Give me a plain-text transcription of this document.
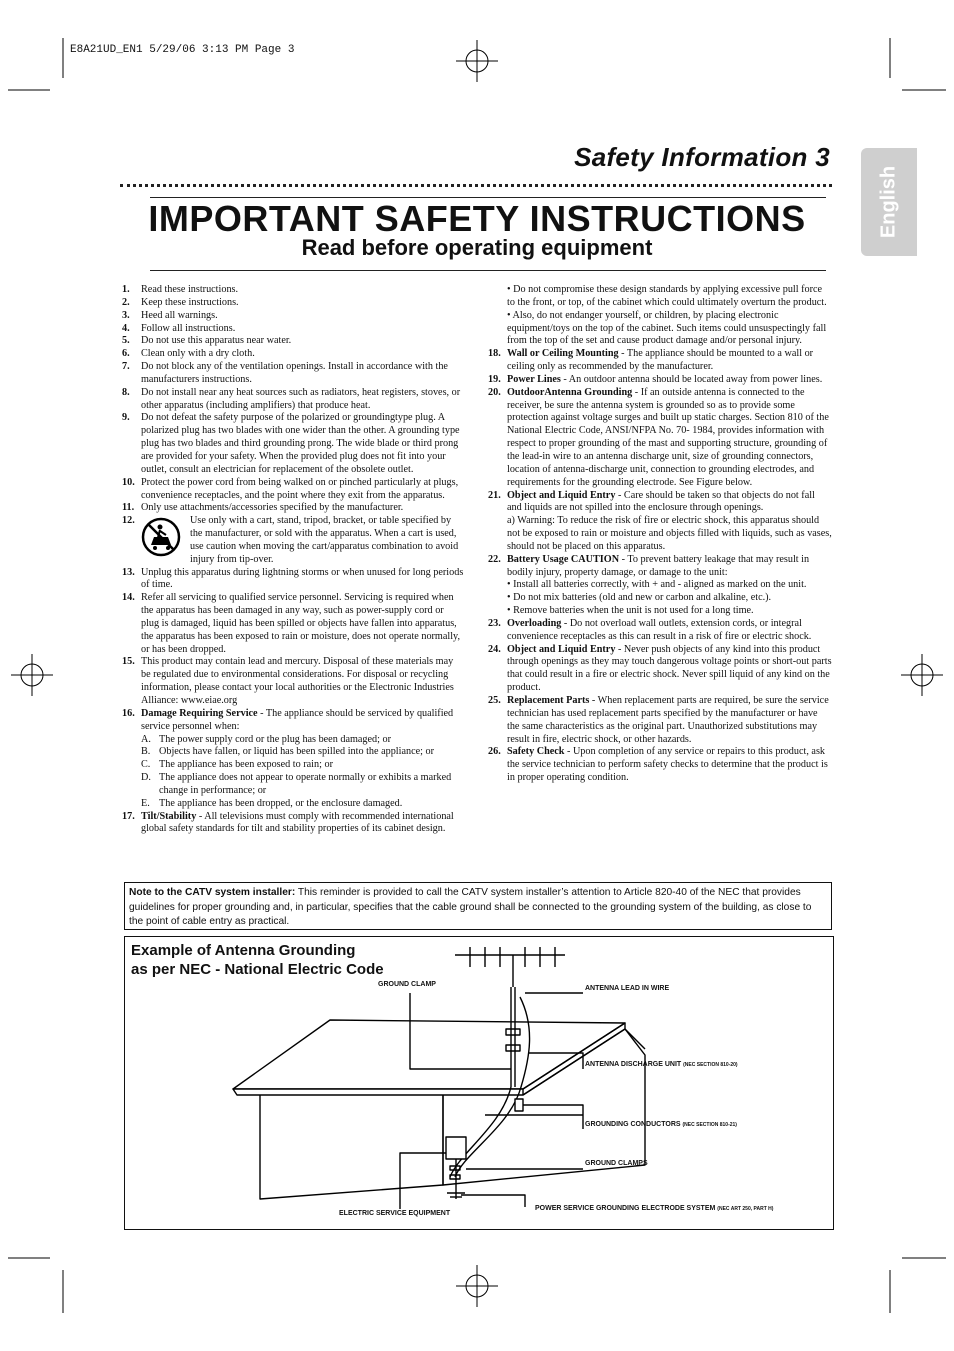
E8A21UD_EN1 5/29/06 3:13 PM Page 3
Safety Information 3
English
IMPORTANT SAFETY INSTRUCTIONS
Read before operating equipment
1.	Read these instructions.
2.	Keep these instructions.
3.	Heed all warnings.
4.	Follow all instructions.
5.	Do not use this apparatus near water.
6.	Clean only with a dry cloth.
7.	Do not block any of the ventilation openings. Install in accordance with the manufacturers instructions.
8.	Do not install near any heat sources such as radiators, heat registers, stoves, or other apparatus (including amplifiers) that produce heat.
9.	Do not defeat the safety purpose of the polarized or groundingtype plug. A polarized plug has two blades with one wider than the other. A grounding type plug has two blades and third grounding prong. The wide blade or third prong are provided for your safety. When the provided plug does not fit into your outlet, consult an electrician for replacement of the obsolete outlet.
10. Protect the power cord from being walked on or pinched particularly at plugs, convenience receptacles, and the point where they exit from the apparatus.
11. Only use attachments/accessories specified by the manufacturer.
12.	Use only with a cart, stand, tripod, bracket, or table specified by the manufacturer, or sold with the apparatus. When a cart is used, use caution when moving the cart/apparatus combination to avoid injury from tip-over.
13. Unplug this apparatus during lightning storms or when unused for long periods of time.
14. Refer all servicing to qualified service personnel. Servicing is required when the apparatus has been damaged in any way, such as power-supply cord or plug is damaged, liquid has been spilled or objects have fallen into apparatus, the apparatus has been exposed to rain or moisture, does not operate normally, or has been dropped.
15. This product may contain lead and mercury. Disposal of these materials may be regulated due to environmental considerations. For disposal or recycling information, please contact your local authorities or the Electronic Industries Alliance: www.eiae.org
16. Damage Requiring Service - The appliance should be serviced by qualified service personnel when:
A. The power supply cord or the plug has been damaged; or
B. Objects have fallen, or liquid has been spilled into the appliance; or
C. The appliance has been exposed to rain; or
D. The appliance does not appear to operate normally or exhibits a marked change in performance; or
E. The appliance has been dropped, or the enclosure damaged.
17. Tilt/Stability - All televisions must comply with recommended international global safety standards for tilt and stability properties of its cabinet design.
• Do not compromise these design standards by applying excessive pull force to the front, or top, of the cabinet which could ultimately overturn the product.
• Also, do not endanger yourself, or children, by placing electronic equipment/toys on the top of the cabinet. Such items could unsuspectingly fall from the top of the set and cause product damage and/or personal injury.
18. Wall or Ceiling Mounting - The appliance should be mounted to a wall or ceiling only as recommended by the manufacturer.
19. Power Lines - An outdoor antenna should be located away from power lines.
20. OutdoorAntenna Grounding - If an outside antenna is connected to the receiver, be sure the antenna system is grounded so as to provide some protection against voltage surges and built up static charges. Section 810 of the National Electric Code, ANSI/NFPA No. 70- 1984, provides information with respect to proper grounding of the mast and supporting structure, grounding of the lead-in wire to an antenna discharge unit, size of grounding connectors, location of antenna-discharge unit, connection to grounding electrodes, and requirements for the grounding electrode. See Figure below.
21. Object and Liquid Entry - Care should be taken so that objects do not fall and liquids are not spilled into the enclosure through openings.
a) Warning: To reduce the risk of fire or electric shock, this apparatus should not be exposed to rain or moisture and objects filled with liquids, such as vases, should not be placed on this apparatus.
22. Battery Usage CAUTION - To prevent battery leakage that may result in bodily injury, property damage, or damage to the unit:
• Install all batteries correctly, with + and - aligned as marked on the unit.
• Do not mix batteries (old and new or carbon and alkaline, etc.).
• Remove batteries when the unit is not used for a long time.
23. Overloading - Do not overload wall outlets, extension cords, or integral convenience receptacles as this can result in a risk of fire or electric shock.
24. Object and Liquid Entry - Never push objects of any kind into this product through openings as they may touch dangerous voltage points or short-out parts that could result in a fire or electric shock. Never spill liquid of any kind on the product.
25. Replacement Parts - When replacement parts are required, be sure the service technician has used replacement parts specified by the manufacturer or have the same characteristics as the original part. Unauthorized substitutions may result in fire, electric shock, or other hazards.
26. Safety Check - Upon completion of any service or repairs to this product, ask the service technician to perform safety checks to determine that the product is in proper operating condition.
Note to the CATV system installer: This reminder is provided to call the CATV system installer’s attention to Article 820-40 of the NEC that provides guidelines for proper grounding and, in particular, specifies that the cable ground shall be connected to the grounding system of the building, as close to the point of cable entry as practical.
Example of Antenna Grounding
as per NEC - National Electric Code
GROUND CLAMP
ANTENNA LEAD IN WIRE
ANTENNA DISCHARGE UNIT (NEC SECTION 810-20)
GROUNDING CONDUCTORS (NEC SECTION 810-21)
GROUND CLAMPS
POWER SERVICE GROUNDING ELECTRODE SYSTEM (NEC ART 250, PART H)
ELECTRIC SERVICE EQUIPMENT
